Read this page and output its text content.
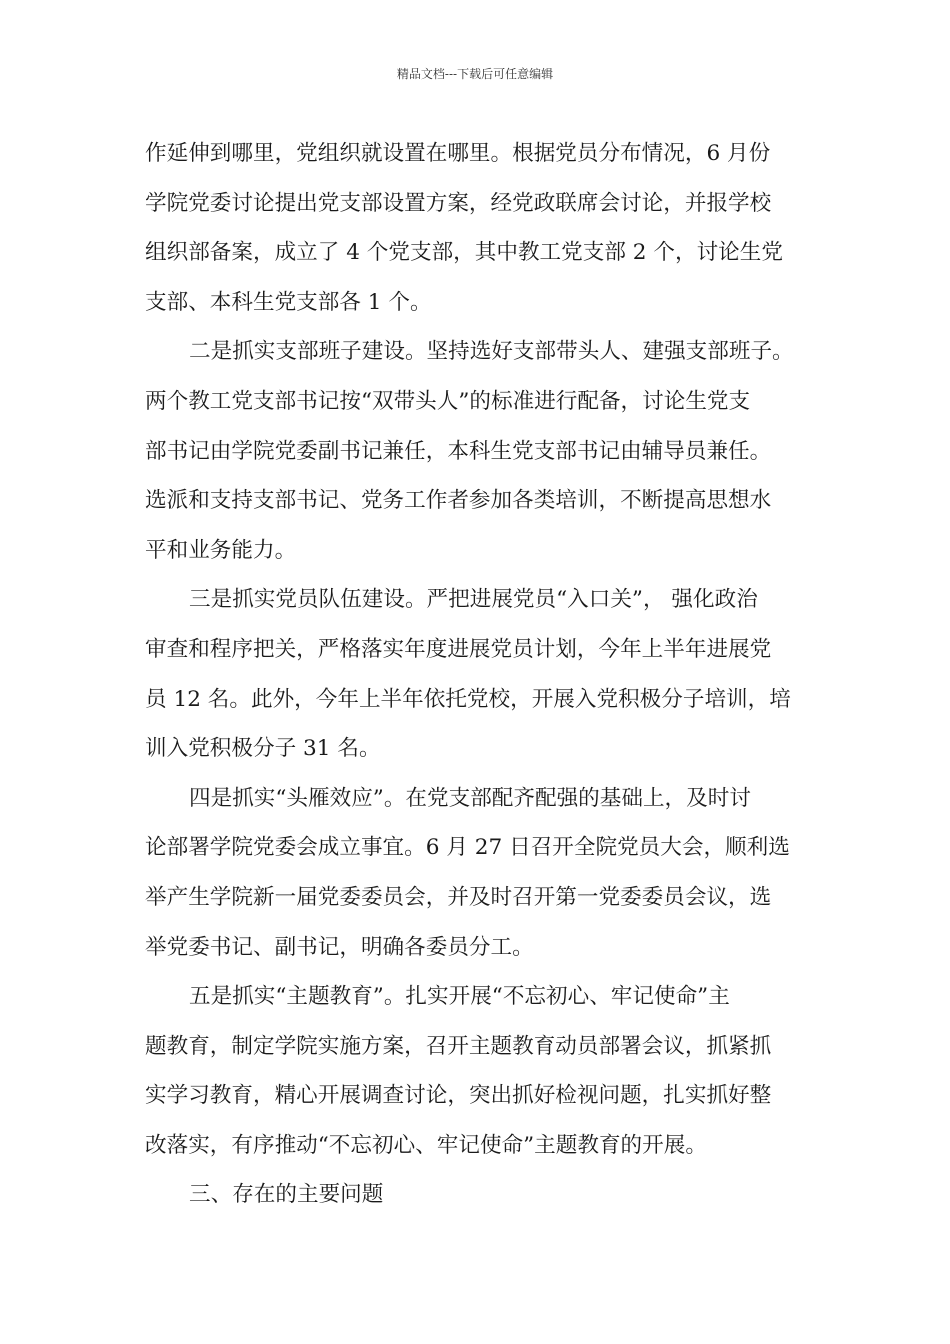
精品文档---下载后可任意编辑
作延伸到哪里，党组织就设置在哪里。根据党员分布情况，6 月份
学院党委讨论提出党支部设置方案，经党政联席会讨论，并报学校
组织部备案，成立了 4 个党支部，其中教工党支部 2 个，讨论生党
支部、本科生党支部各 1 个。
二是抓实支部班子建设。坚持选好支部带头人、建强支部班子。
两个教工党支部书记按“双带头人”的标准进行配备，讨论生党支
部书记由学院党委副书记兼任，本科生党支部书记由辅导员兼任。
选派和支持支部书记、党务工作者参加各类培训，不断提高思想水
平和业务能力。
三是抓实党员队伍建设。严把进展党员“入口关”， 强化政治
审查和程序把关，严格落实年度进展党员计划，今年上半年进展党
员 12 名。此外，今年上半年依托党校，开展入党积极分子培训，培
训入党积极分子 31 名。
四是抓实“头雁效应”。在党支部配齐配强的基础上，及时讨
论部署学院党委会成立事宜。6 月 27 日召开全院党员大会，顺利选
举产生学院新一届党委委员会，并及时召开第一党委委员会议，选
举党委书记、副书记，明确各委员分工。
五是抓实“主题教育”。扎实开展“不忘初心、牢记使命”主
题教育，制定学院实施方案，召开主题教育动员部署会议，抓紧抓
实学习教育，精心开展调查讨论，突出抓好检视问题，扎实抓好整
改落实，有序推动“不忘初心、牢记使命”主题教育的开展。
三、存在的主要问题
